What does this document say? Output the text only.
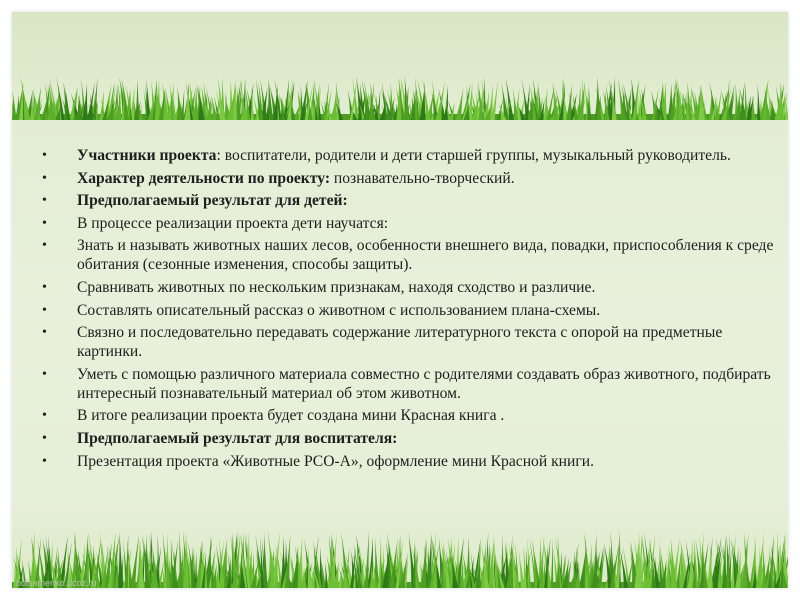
• Участники проекта: воспитатели, родители и дети старшей группы, музыкальный руководитель.
• Характер деятельности по проекту: познавательно-творческий.
• Предполагаемый результат для детей:
• В процессе реализации проекта дети научатся:
• Знать и называть животных наших лесов, особенности внешнего вида, повадки, приспособления к среде обитания (сезонные изменения, способы защиты).
• Сравнивать животных по нескольким признакам, находя сходство и различие.
• Составлять описательный рассказ о животном с использованием плана-схемы.
• Связно и последовательно передавать содержание литературного текста с опорой на предметные картинки.
• Уметь с помощью различного материала совместно с родителями создавать образ животного, подбирать интересный познавательный материал об этом животном.
• В итоге реализации проекта будет создана мини Красная книга .
• Предполагаемый результат для воспитателя:
• Презентация проекта «Животные РСО-А», оформление мини Красной книги.
bolsamenko.ucoz.ru
